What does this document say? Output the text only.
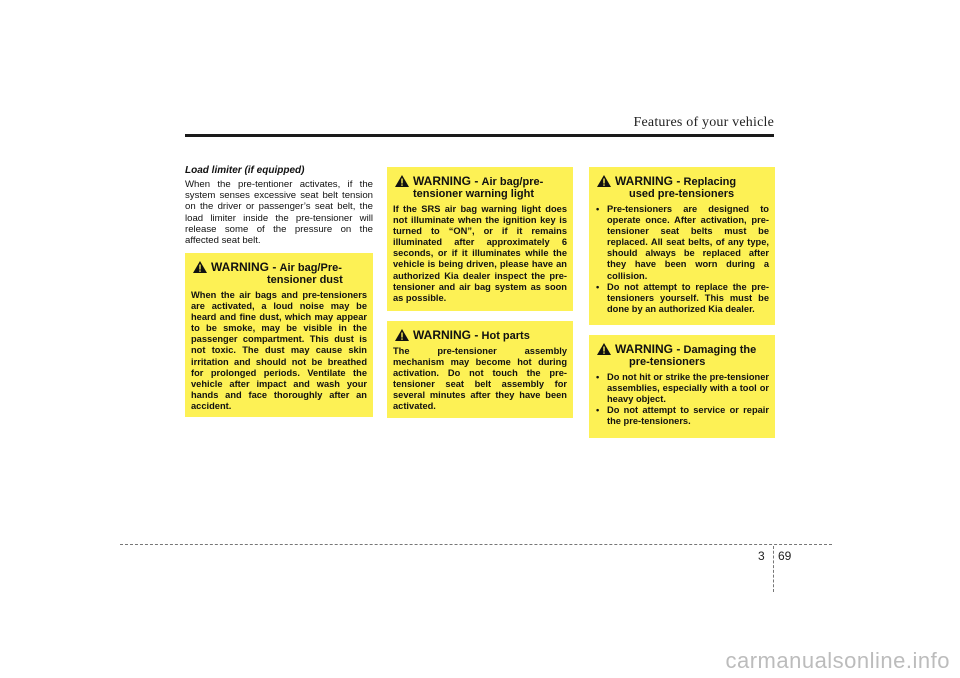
Features of your vehicle

Load limiter (if equipped)

When the pre-tentioner activates, if the system senses excessive seat belt tension on the driver or passenger’s seat belt, the load limiter inside the pre-tensioner will release some of the pressure on the affected seat belt.

WARNING - Air bag/Pre-
tensioner dust
When the air bags and pre-tensioners are activated, a loud noise may be heard and fine dust, which may appear to be smoke, may be visible in the passenger compartment. This dust is not toxic. The dust may cause skin irritation and should not be breathed for prolonged periods. Ventilate the vehicle after impact and wash your hands and face thoroughly after an accident.
WARNING - Air bag/pre-
tensioner warning light
If the SRS air bag warning light does not illuminate when the ignition key is turned to “ON”, or if it remains illuminated after approximately 6 seconds, or if it illuminates while the vehicle is being driven, please have an authorized Kia dealer inspect the pre-tensioner and air bag system as soon as possible.
WARNING - Hot parts
The pre-tensioner assembly mechanism may become hot during activation. Do not touch the pre-tensioner seat belt assembly for several minutes after they have been activated.
WARNING - Replacing
used pre-tensioners
• Pre-tensioners are designed to operate once. After activation, pre-tensioner seat belts must be replaced. All seat belts, of any type, should always be replaced after they have been worn during a collision.
• Do not attempt to replace the pre-tensioners yourself. This must be done by an authorized Kia dealer.
WARNING - Damaging the
pre-tensioners
• Do not hit or strike the pre-tensioner assemblies, especially with a tool or heavy object.
• Do not attempt to service or repair the pre-tensioners.
3 69
carmanualsonline.info
